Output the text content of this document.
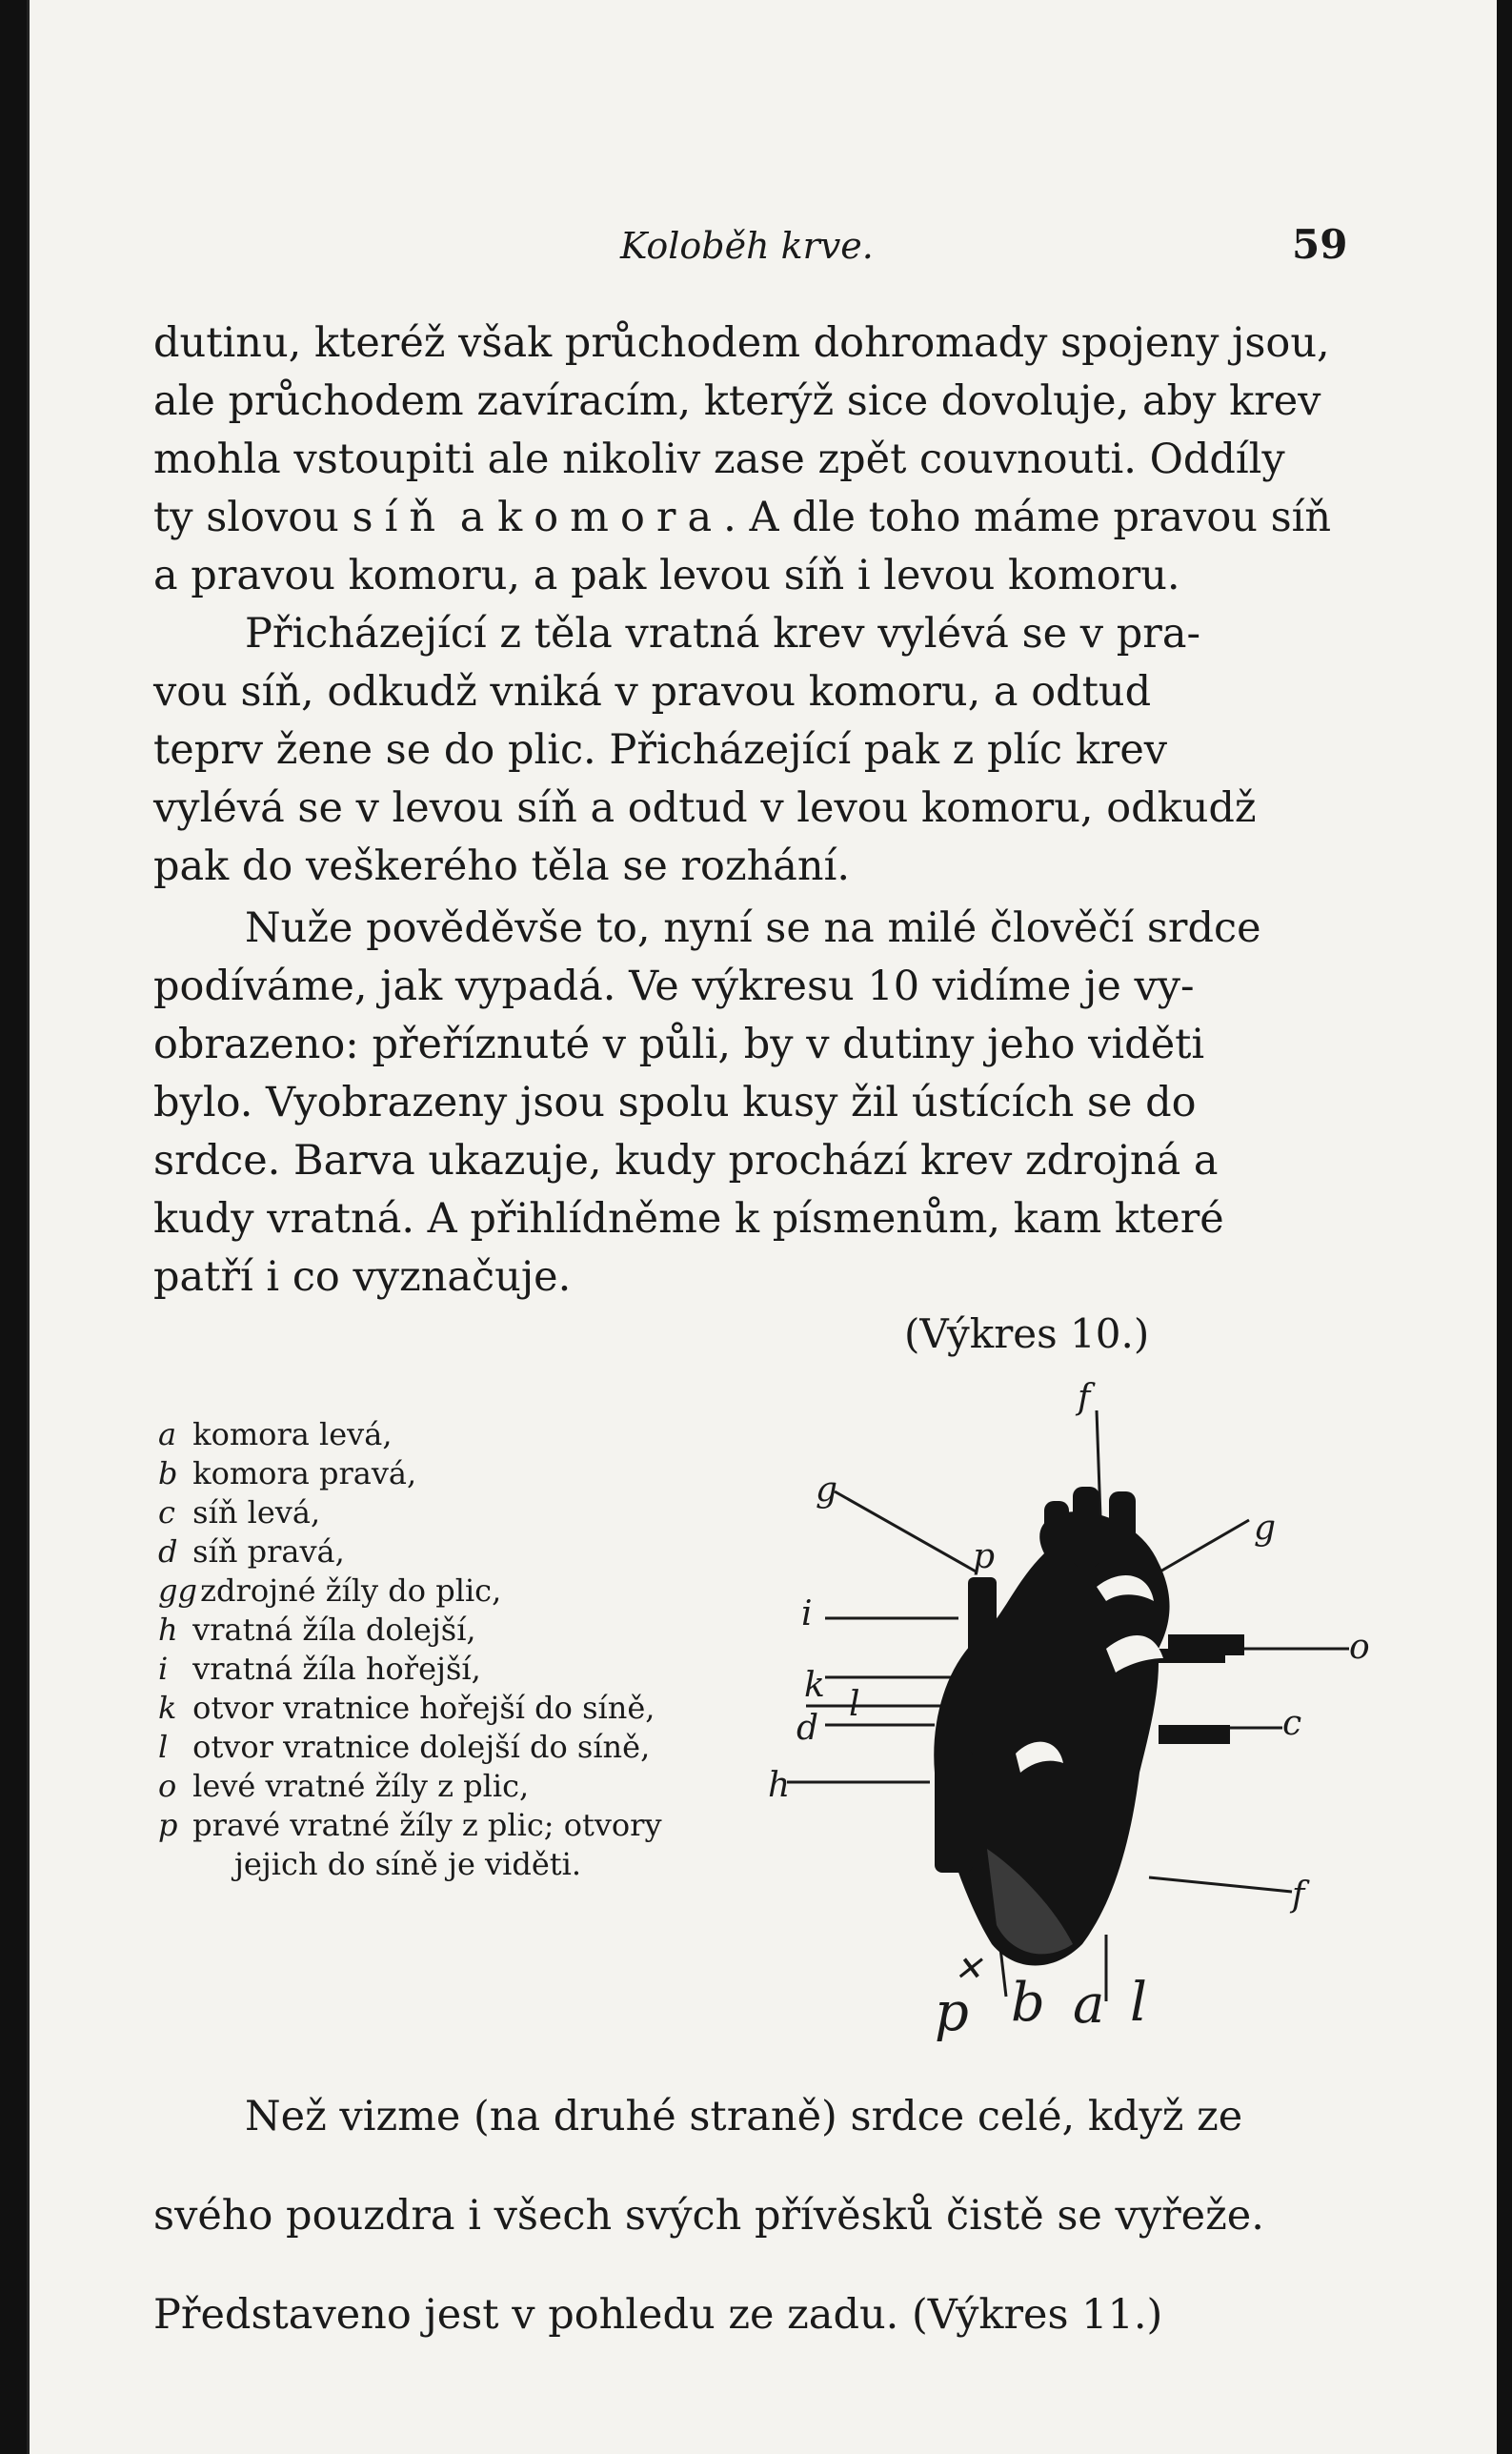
Koloběh krve.	59

dutinu, kteréž však průchodem dohromady spojeny jsou,

ale průchodem zavíracím, kterýž sice dovoluje, aby krev

mohla vstoupiti ale nikoliv zase zpět couvnouti. Oddíly

ty slovou síň a komora. A dle toho máme pravou síň

a pravou komoru, a pak levou síň i levou komoru.

Přicházející z těla vratná krev vylévá se v pra-

vou síň, odkudž vniká v pravou komoru, a odtud

teprv žene se do plic. Přicházející pak z plíc krev

vylévá se v levou síň a odtud v levou komoru, odkudž

pak do veškerého těla se rozhání.

Nuže pověděvše to, nyní se na milé člověčí srdce

podíváme, jak vypadá. Ve výkresu 10 vidíme je vy-

obrazeno: přeříznuté v půli, by v dutiny jeho viděti

bylo. Vyobrazeny jsou spolu kusy žil ústících se do

srdce. Barva ukazuje, kudy prochází krev zdrojná a

kudy vratná. A přihlídněme k písmenům, kam které

patří i co vyznačuje.

(Výkres 10.)
a komora levá,
b komora pravá,
c síň levá,
d síň pravá,
gg zdrojné žíly do plic,
h vratná žíla dolejší,
i vratná žíla hořejší,
k otvor vratnice hořejší do síně,
l otvor vratnice dolejší do síně,
o levé vratné žíly z plic,
p pravé vratné žíly z plic; otvory jejich do síně je viděti.
f
g
g
p
i
o
k l
d	c
h
f
✕
p b a l

Než vizme (na druhé straně) srdce celé, když ze

svého pouzdra i všech svých přívěsků čistě se vyřeže.

Představeno jest v pohledu ze zadu. (Výkres 11.)
